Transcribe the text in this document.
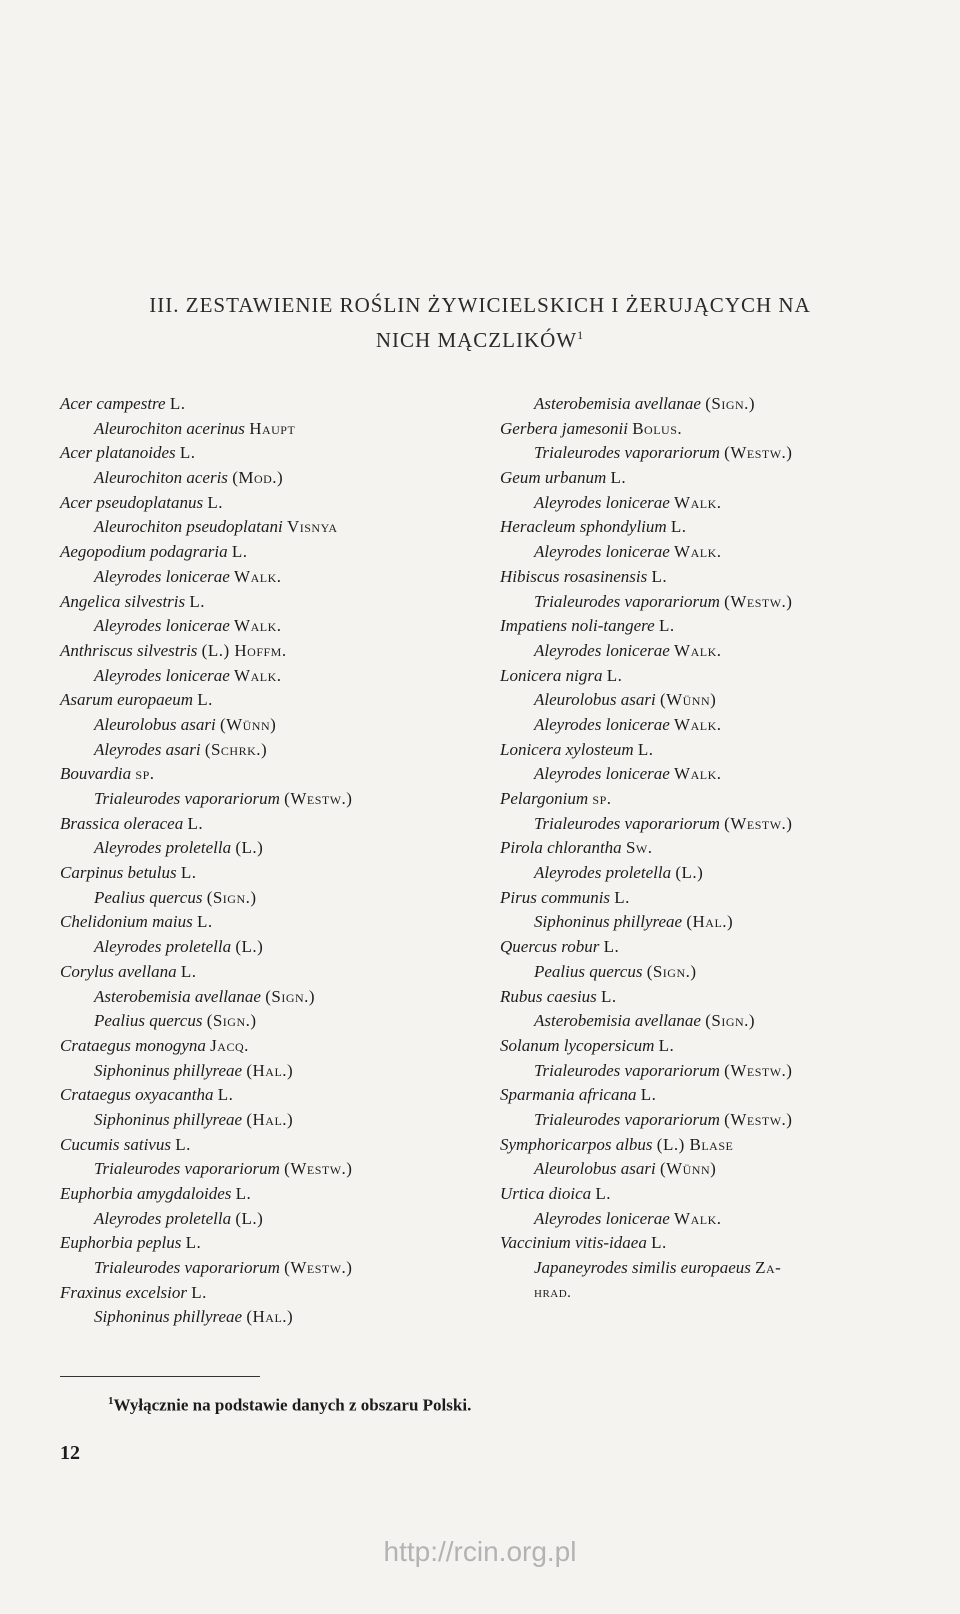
III. ZESTAWIENIE ROŚLIN ŻYWICIELSKICH I ŻERUJĄCYCH NA
NICH MĄCZLIKÓW$^1$
Acer campestre L.
Aleurochiton acerinus Haupt
Acer platanoides L.
Aleurochiton aceris (Mod.)
Acer pseudoplatanus L.
Aleurochiton pseudoplatani Visnya
Aegopodium podagraria L.
Aleyrodes lonicerae Walk.
Angelica silvestris L.
Aleyrodes lonicerae Walk.
Anthriscus silvestris (L.) Hoffm.
Aleyrodes lonicerae Walk.
Asarum europaeum L.
Aleurolobus asari (Wünn)
Aleyrodes asari (Schrk.)
Bouvardia sp.
Trialeurodes vaporariorum (Westw.)
Brassica oleracea L.
Aleyrodes proletella (L.)
Carpinus betulus L.
Pealius quercus (Sign.)
Chelidonium maius L.
Aleyrodes proletella (L.)
Corylus avellana L.
Asterobemisia avellanae (Sign.)
Pealius quercus (Sign.)
Crataegus monogyna Jacq.
Siphoninus phillyreae (Hal.)
Crataegus oxyacantha L.
Siphoninus phillyreae (Hal.)
Cucumis sativus L.
Trialeurodes vaporariorum (Westw.)
Euphorbia amygdaloides L.
Aleyrodes proletella (L.)
Euphorbia peplus L.
Trialeurodes vaporariorum (Westw.)
Fraxinus excelsior L.
Siphoninus phillyreae (Hal.)
Asterobemisia avellanae (Sign.)
Gerbera jamesonii Bolus.
Trialeurodes vaporariorum (Westw.)
Geum urbanum L.
Aleyrodes lonicerae Walk.
Heracleum sphondylium L.
Aleyrodes lonicerae Walk.
Hibiscus rosasinensis L.
Trialeurodes vaporariorum (Westw.)
Impatiens noli-tangere L.
Aleyrodes lonicerae Walk.
Lonicera nigra L.
Aleurolobus asari (Wünn)
Aleyrodes lonicerae Walk.
Lonicera xylosteum L.
Aleyrodes lonicerae Walk.
Pelargonium sp.
Trialeurodes vaporariorum (Westw.)
Pirola chlorantha Sw.
Aleyrodes proletella (L.)
Pirus communis L.
Siphoninus phillyreae (Hal.)
Quercus robur L.
Pealius quercus (Sign.)
Rubus caesius L.
Asterobemisia avellanae (Sign.)
Solanum lycopersicum L.
Trialeurodes vaporariorum (Westw.)
Sparmania africana L.
Trialeurodes vaporariorum (Westw.)
Symphoricarpos albus (L.) Blase
Aleurolobus asari (Wünn)
Urtica dioica L.
Aleyrodes lonicerae Walk.
Vaccinium vitis-idaea L.
Japaneyrodes similis europaeus Za-
hrad.
$^1$Wyłącznie na podstawie danych z obszaru Polski.
12
http://rcin.org.pl
